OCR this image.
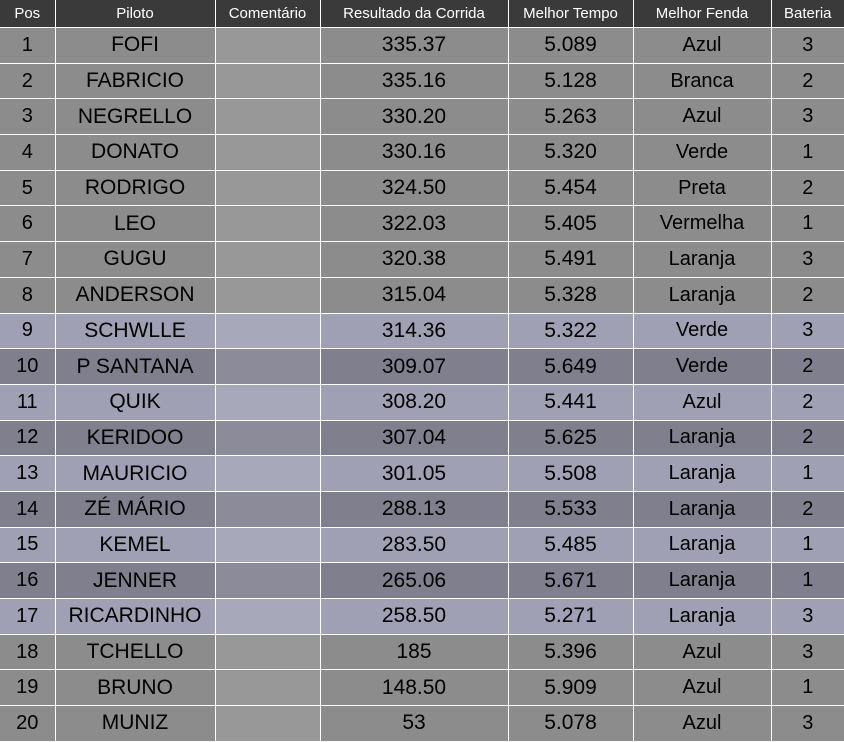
Pos	Piloto	Comentário	Resultado da Corrida	Melhor Tempo	Melhor Fenda	Bateria
1	FOFI		335.37	5.089	Azul	3
2	FABRICIO		335.16	5.128	Branca	2
3	NEGRELLO		330.20	5.263	Azul	3
4	DONATO		330.16	5.320	Verde	1
5	RODRIGO		324.50	5.454	Preta	2
6	LEO		322.03	5.405	Vermelha	1
7	GUGU		320.38	5.491	Laranja	3
8	ANDERSON		315.04	5.328	Laranja	2
9	SCHWLLE		314.36	5.322	Verde	3
10	P SANTANA		309.07	5.649	Verde	2
11	QUIK		308.20	5.441	Azul	2
12	KERIDOO		307.04	5.625	Laranja	2
13	MAURICIO		301.05	5.508	Laranja	1
14	ZÉ MÁRIO		288.13	5.533	Laranja	2
15	KEMEL		283.50	5.485	Laranja	1
16	JENNER		265.06	5.671	Laranja	1
17	RICARDINHO		258.50	5.271	Laranja	3
18	TCHELLO		185	5.396	Azul	3
19	BRUNO		148.50	5.909	Azul	1
20	MUNIZ		53	5.078	Azul	3
